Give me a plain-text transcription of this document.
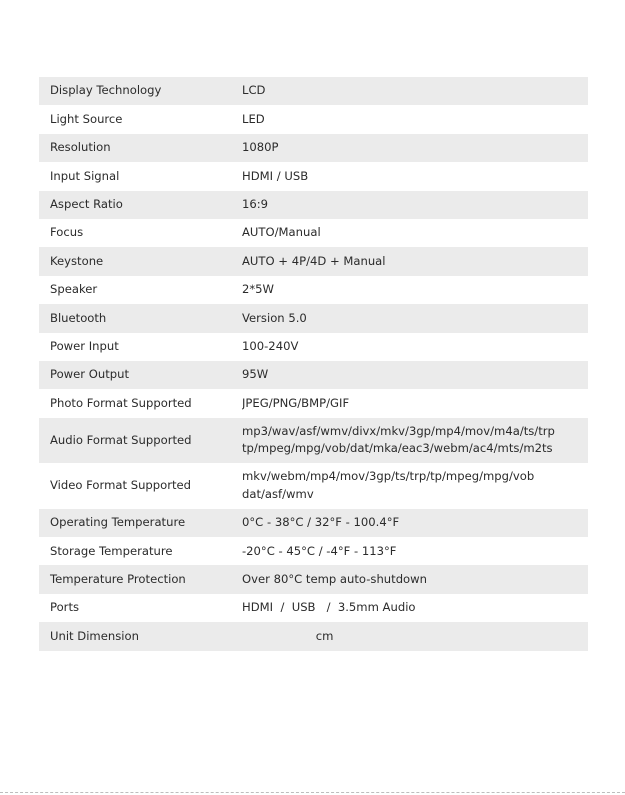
Display Technology	LCD

Light Source	LED

Resolution	1080P

Input Signal	HDMI / USB

Aspect Ratio	16:9

Focus	AUTO/Manual

Keystone	AUTO + 4P/4D + Manual

Speaker	2*5W

Bluetooth	Version 5.0

Power Input	100-240V

Power Output	95W

Photo Format Supported	JPEG/PNG/BMP/GIF

Audio Format Supported	mp3/wav/asf/wmv/divx/mkv/3gp/mp4/mov/m4a/ts/trp
tp/mpeg/mpg/vob/dat/mka/eac3/webm/ac4/mts/m2ts

Video Format Supported	mkv/webm/mp4/mov/3gp/ts/trp/tp/mpeg/mpg/vob
dat/asf/wmv

Operating Temperature	0°C - 38°C / 32°F - 100.4°F

Storage Temperature	-20°C - 45°C / -4°F - 113°F

Temperature Protection	Over 80°C temp auto-shutdown

Ports	HDMI  /  USB   /  3.5mm Audio

Unit Dimension	cm
